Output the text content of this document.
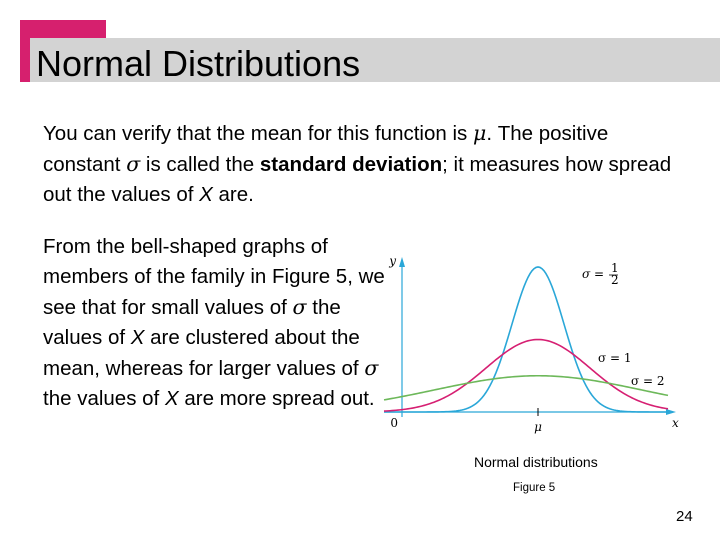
Normal Distributions
You can verify that the mean for this function is μ. The positive constant σ is called the standard deviation; it measures how spread out the values of X are.
From the bell-shaped graphs of members of the family in Figure 5, we see that for small values of σ the values of X are clustered about the mean, whereas for larger values of σ the values of X are more spread out.
y
x
0	μ
σ = 1
2
σ = 1
σ = 2
Normal distributions
Figure 5
24
